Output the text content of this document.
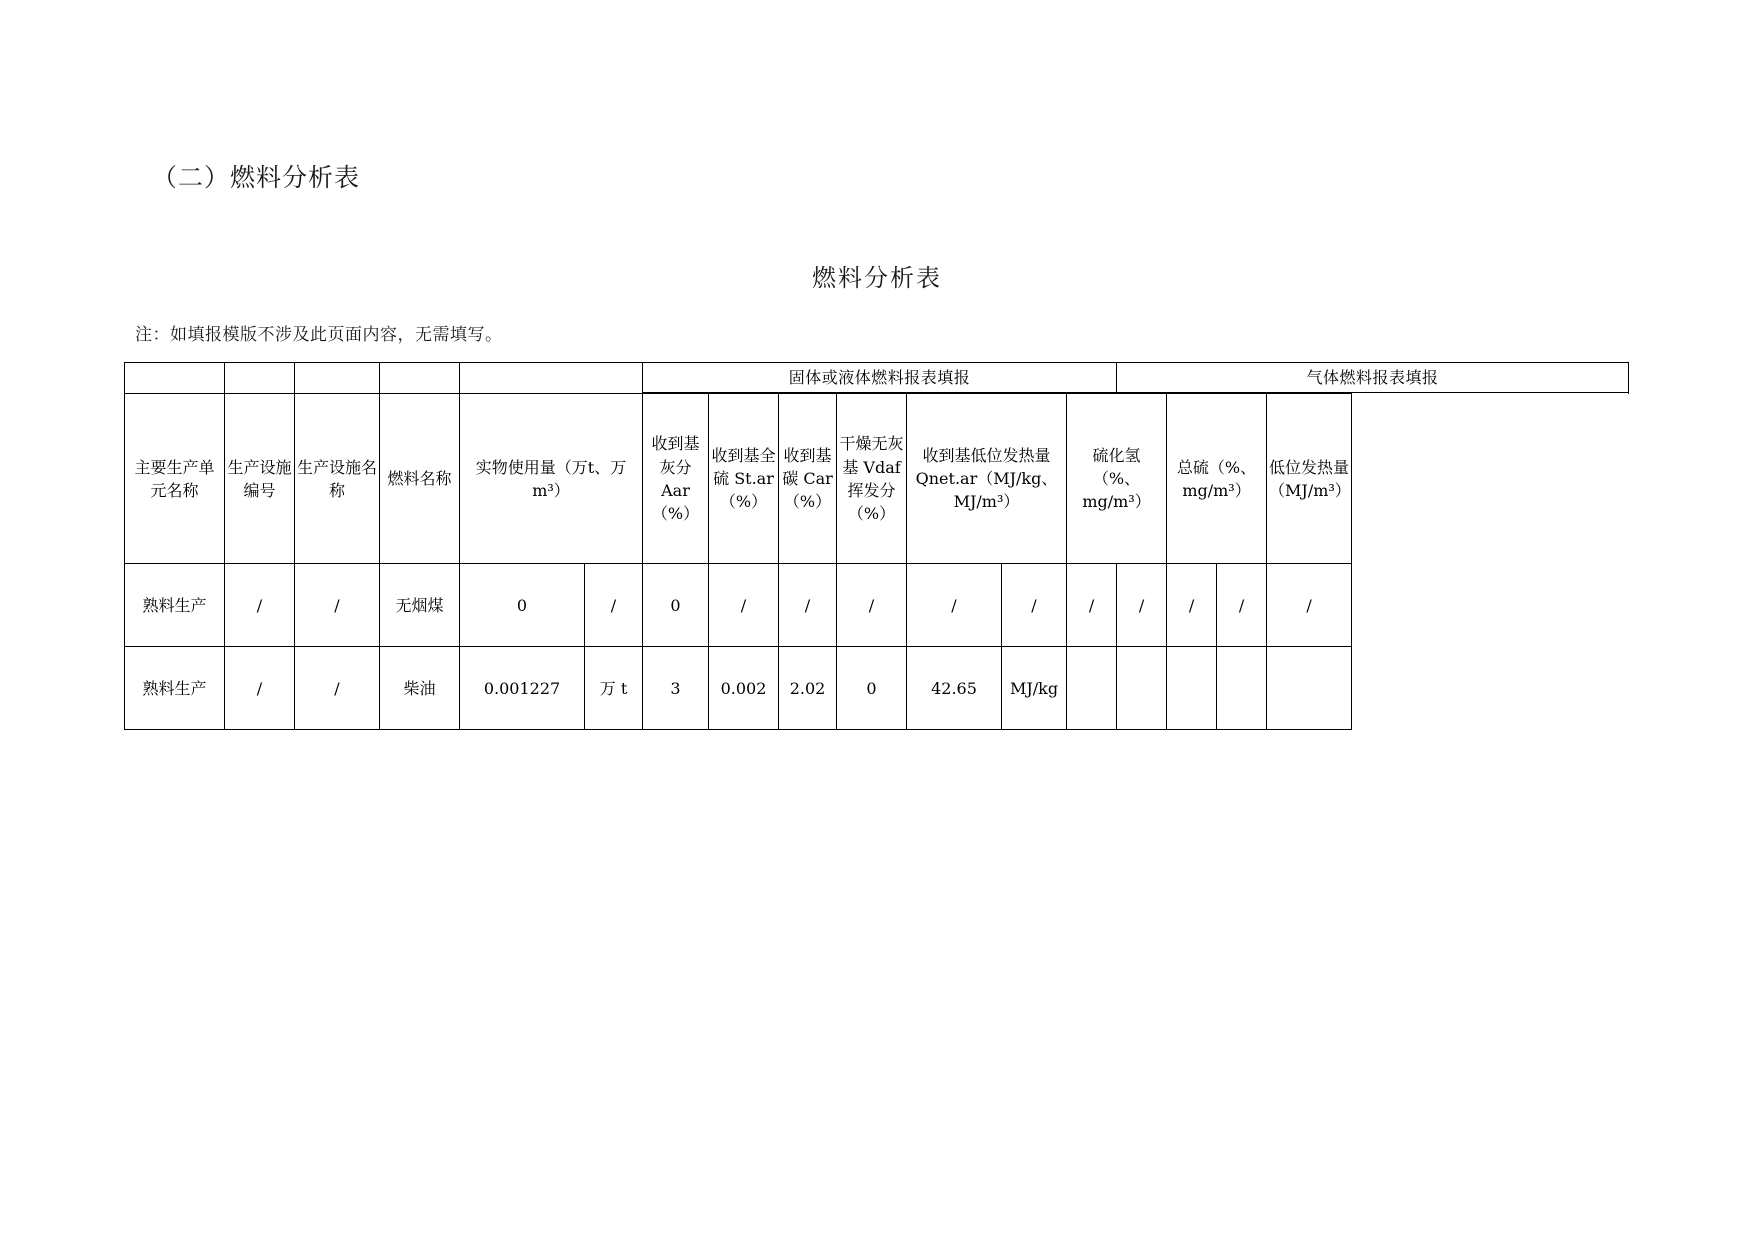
（二）燃料分析表
燃料分析表
注：如填报模版不涉及此页面内容，无需填写。
						固体或液体燃料报表填报							气体燃料报表填报				

主要生产单元名称	生产设施编号	生产设施名称	燃料名称	实物使用量（万t、万 m³）		收到基灰分 Aar（%）	收到基全硫 St.ar（%）	收到基碳 Car（%）	干燥无灰基 Vdaf 挥发分（%）	收到基低位发热量 Qnet.ar（MJ/kg、MJ/m³）		硫化氢（%、mg/m³）		总硫（%、mg/m³）		低位发热量（MJ/m³）	
熟料生产	/	/	无烟煤	0	/	0	/	/	/	/	/	/	/	/	/	/	
熟料生产	/	/	柴油	0.001227	万 t	3	0.002	2.02	0	42.65	MJ/kg						
